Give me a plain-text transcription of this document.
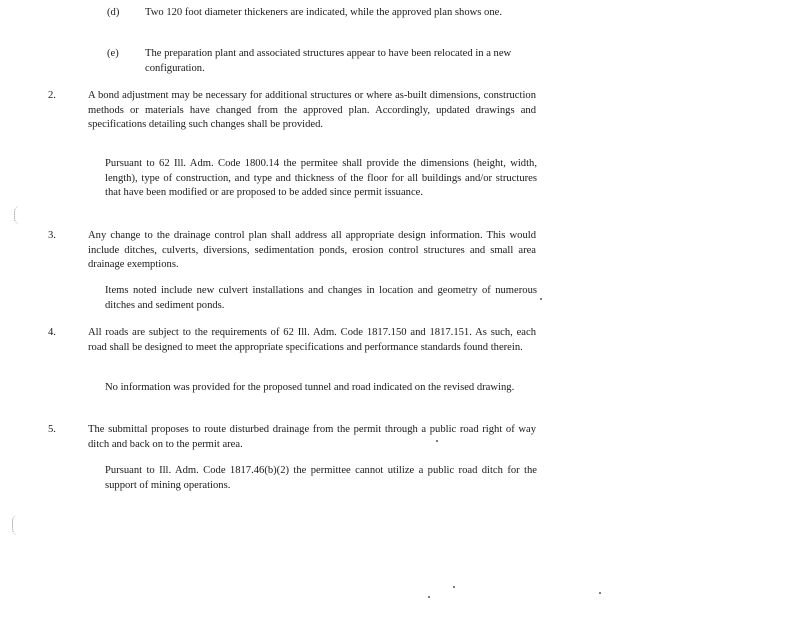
(d) Two 120 foot diameter thickeners are indicated, while the approved plan shows one.
(e) The preparation plant and associated structures appear to have been relocated in a new configuration.
2.	A bond adjustment may be necessary for additional structures or where as-built dimensions, construction methods or materials have changed from the approved plan. Accordingly, updated drawings and specifications detailing such changes shall be provided.
Pursuant to 62 Ill. Adm. Code 1800.14 the permitee shall provide the dimensions (height, width, length), type of construction, and type and thickness of the floor for all buildings and/or structures that have been modified or are proposed to be added since permit issuance.
3.	Any change to the drainage control plan shall address all appropriate design information. This would include ditches, culverts, diversions, sedimentation ponds, erosion control structures and small area drainage exemptions.
Items noted include new culvert installations and changes in location and geometry of numerous ditches and sediment ponds.
4.	All roads are subject to the requirements of 62 Ill. Adm. Code 1817.150 and 1817.151. As such, each road shall be designed to meet the appropriate specifications and performance standards found therein.
No information was provided for the proposed tunnel and road indicated on the revised drawing.
5.	The submittal proposes to route disturbed drainage from the permit through a public road right of way ditch and back on to the permit area.
Pursuant to Ill. Adm. Code 1817.46(b)(2) the permittee cannot utilize a public road ditch for the support of mining operations.
